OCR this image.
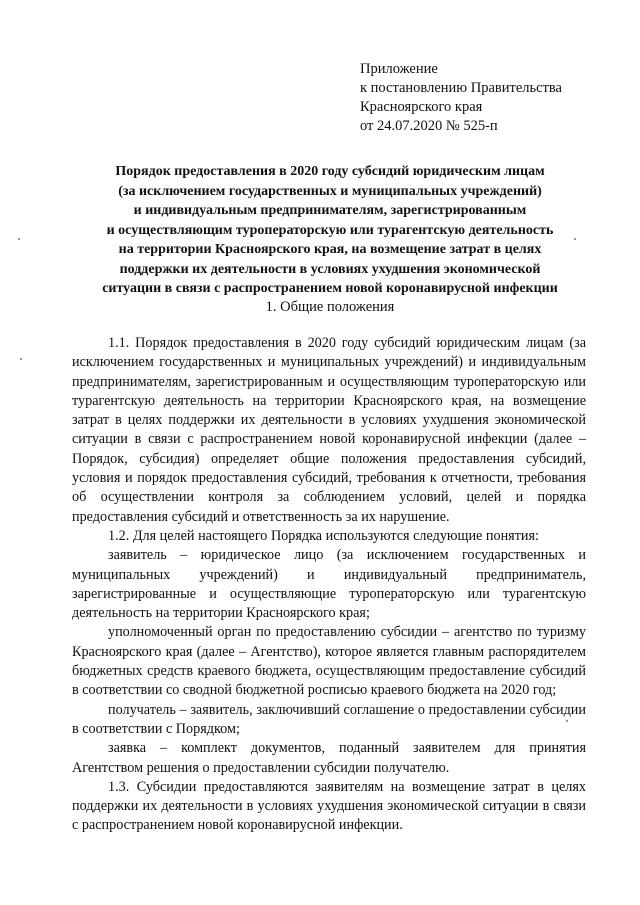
Приложение
к постановлению Правительства
Красноярского края
от 24.07.2020 № 525-п
Порядок предоставления в 2020 году субсидий юридическим лицам
(за исключением государственных и муниципальных учреждений)
и индивидуальным предпринимателям, зарегистрированным
и осуществляющим туроператорскую или турагентскую деятельность
на территории Красноярского края, на возмещение затрат в целях
поддержки их деятельности в условиях ухудшения экономической
ситуации в связи с распространением новой коронавирусной инфекции
1. Общие положения

1.1. Порядок предоставления в 2020 году субсидий юридическим лицам (за исключением государственных и муниципальных учреждений) и индивидуальным предпринимателям, зарегистрированным и осуществляющим туроператорскую или турагентскую деятельность на территории Красноярского края, на возмещение затрат в целях поддержки их деятельности в условиях ухудшения экономической ситуации в связи с распространением новой коронавирусной инфекции (далее – Порядок, субсидия) определяет общие положения предоставления субсидий, условия и порядок предоставления субсидий, требования к отчетности, требования об осуществлении контроля за соблюдением условий, целей и порядка предоставления субсидий и ответственность за их нарушение.

1.2. Для целей настоящего Порядка используются следующие понятия:

заявитель – юридическое лицо (за исключением государственных и муниципальных учреждений) и индивидуальный предприниматель, зарегистрированные и осуществляющие туроператорскую или турагентскую деятельность на территории Красноярского края;

уполномоченный орган по предоставлению субсидии – агентство по туризму Красноярского края (далее – Агентство), которое является главным распорядителем бюджетных средств краевого бюджета, осуществляющим предоставление субсидий в соответствии со сводной бюджетной росписью краевого бюджета на 2020 год;

получатель – заявитель, заключивший соглашение о предоставлении субсидии в соответствии с Порядком;

заявка – комплект документов, поданный заявителем для принятия Агентством решения о предоставлении субсидии получателю.

1.3. Субсидии предоставляются заявителям на возмещение затрат в целях поддержки их деятельности в условиях ухудшения экономической ситуации в связи с распространением новой коронавирусной инфекции.
